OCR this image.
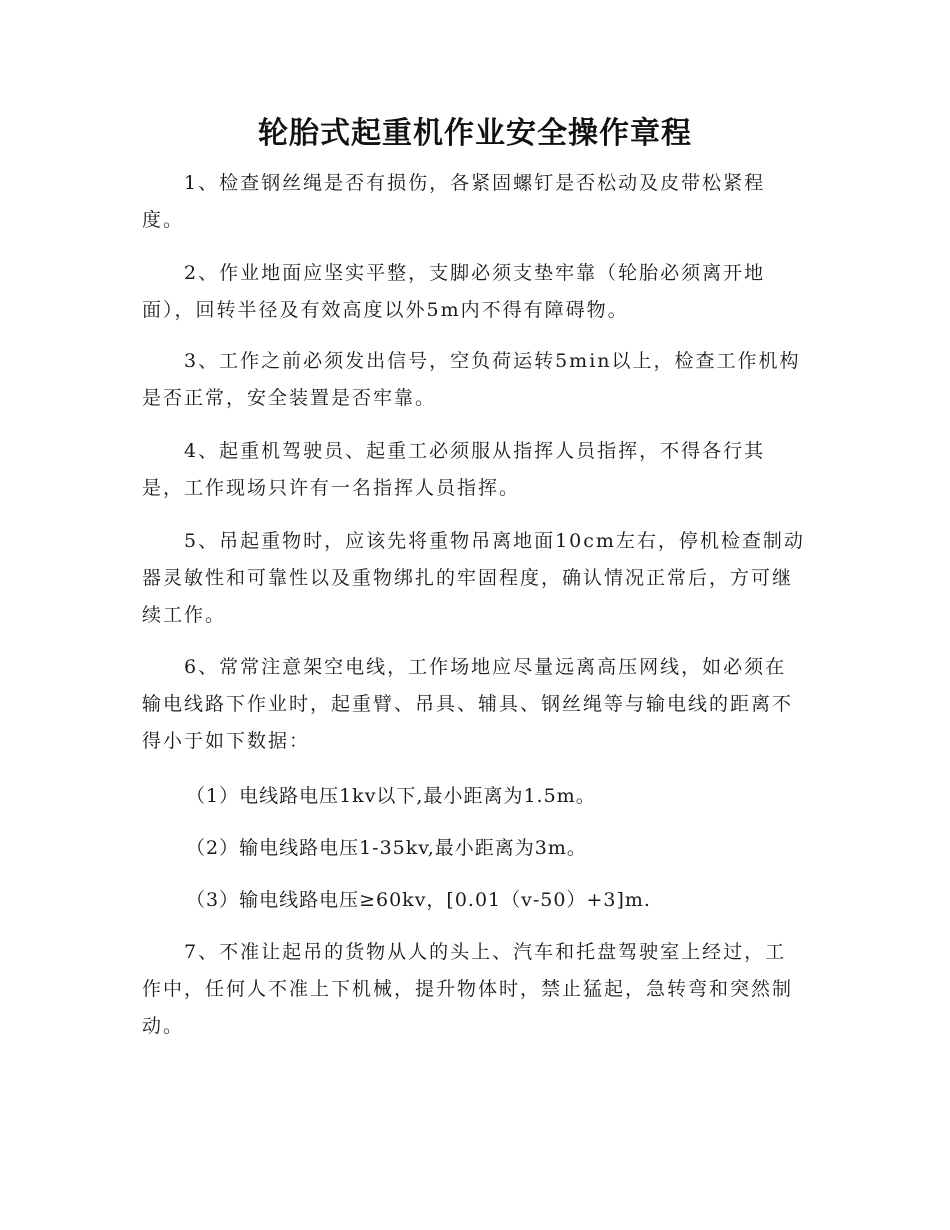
轮胎式起重机作业安全操作章程

1、检查钢丝绳是否有损伤，各紧固螺钉是否松动及皮带松紧程度。

2、作业地面应坚实平整，支脚必须支垫牢靠（轮胎必须离开地面），回转半径及有效高度以外5m内不得有障碍物。

3、工作之前必须发出信号，空负荷运转5min以上，检查工作机构是否正常，安全装置是否牢靠。

4、起重机驾驶员、起重工必须服从指挥人员指挥，不得各行其是，工作现场只许有一名指挥人员指挥。

5、吊起重物时，应该先将重物吊离地面10cm左右，停机检查制动器灵敏性和可靠性以及重物绑扎的牢固程度，确认情况正常后，方可继续工作。

6、常常注意架空电线，工作场地应尽量远离高压网线，如必须在输电线路下作业时，起重臂、吊具、辅具、钢丝绳等与输电线的距离不得小于如下数据：

（1）电线路电压1kv以下,最小距离为1.5m。

（2）输电线路电压1-35kv,最小距离为3m。

（3）输电线路电压≥60kv，[0.01（v-50）+3]m.

7、不准让起吊的货物从人的头上、汽车和托盘驾驶室上经过，工作中，任何人不准上下机械，提升物体时，禁止猛起，急转弯和突然制动。
